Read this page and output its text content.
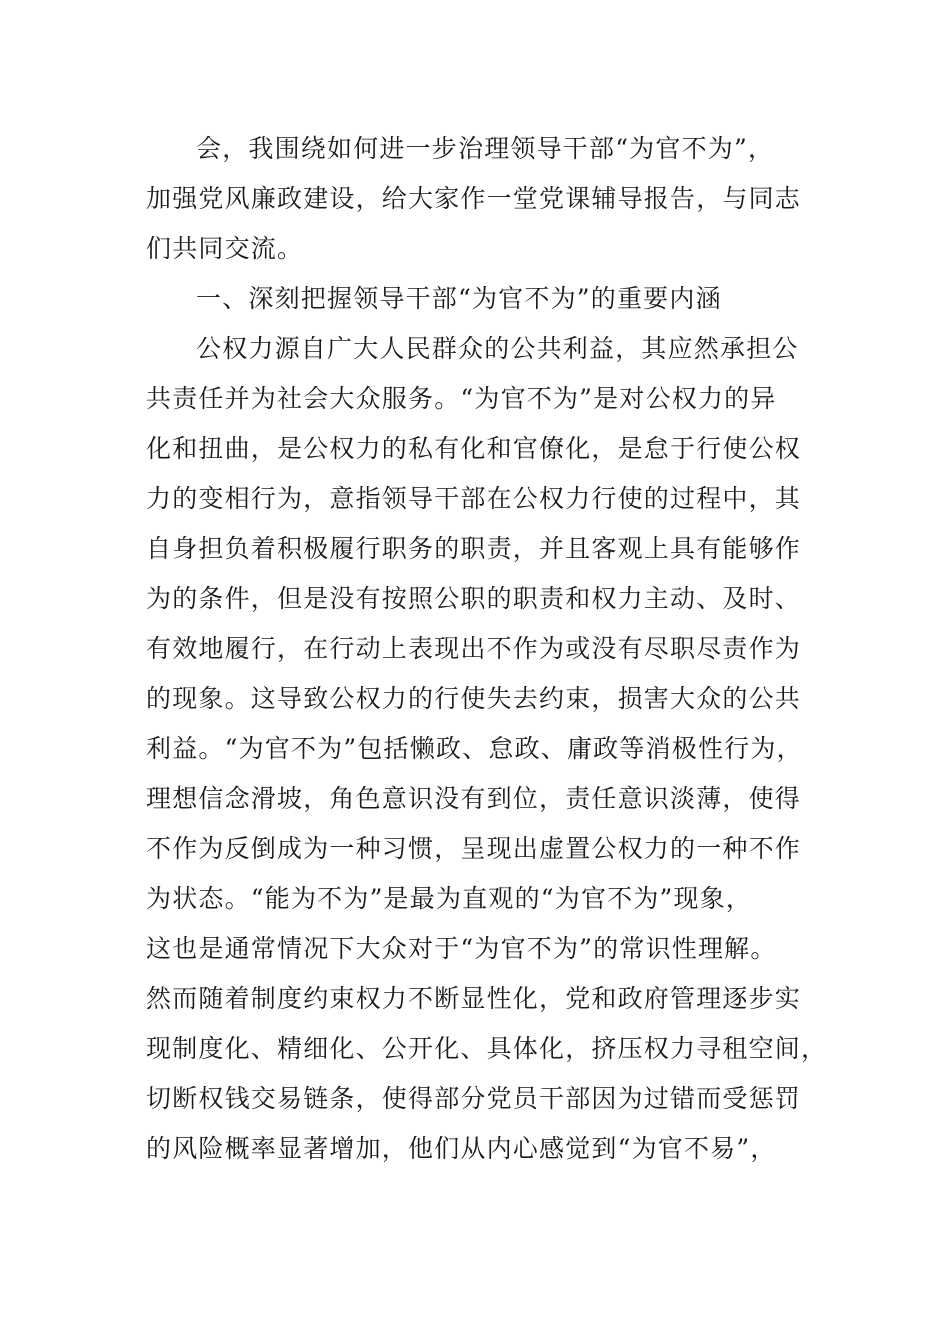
会，我围绕如何进一步治理领导干部“为官不为”，
加强党风廉政建设，给大家作一堂党课辅导报告，与同志
们共同交流。
一、深刻把握领导干部“为官不为”的重要内涵
公权力源自广大人民群众的公共利益，其应然承担公
共责任并为社会大众服务。“为官不为”是对公权力的异
化和扭曲，是公权力的私有化和官僚化，是怠于行使公权
力的变相行为，意指领导干部在公权力行使的过程中，其
自身担负着积极履行职务的职责，并且客观上具有能够作
为的条件，但是没有按照公职的职责和权力主动、及时、
有效地履行，在行动上表现出不作为或没有尽职尽责作为
的现象。这导致公权力的行使失去约束，损害大众的公共
利益。“为官不为”包括懒政、怠政、庸政等消极性行为，
理想信念滑坡，角色意识没有到位，责任意识淡薄，使得
不作为反倒成为一种习惯，呈现出虚置公权力的一种不作
为状态。“能为不为”是最为直观的“为官不为”现象，
这也是通常情况下大众对于“为官不为”的常识性理解。
然而随着制度约束权力不断显性化，党和政府管理逐步实
现制度化、精细化、公开化、具体化，挤压权力寻租空间，
切断权钱交易链条，使得部分党员干部因为过错而受惩罚
的风险概率显著增加，他们从内心感觉到“为官不易”，
